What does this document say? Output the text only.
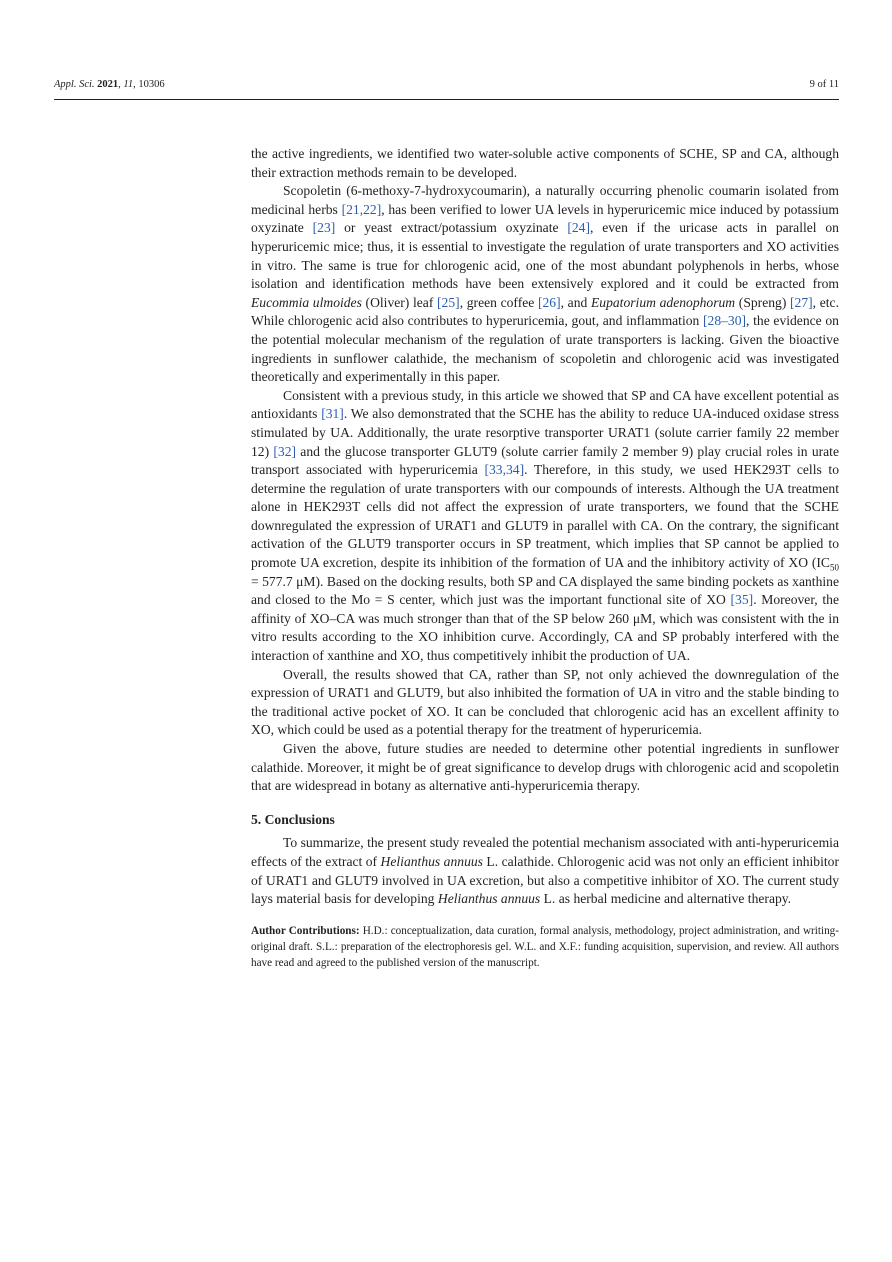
Appl. Sci. 2021, 11, 10306	9 of 11

the active ingredients, we identified two water-soluble active components of SCHE, SP and CA, although their extraction methods remain to be developed.

Scopoletin (6-methoxy-7-hydroxycoumarin), a naturally occurring phenolic coumarin isolated from medicinal herbs [21,22], has been verified to lower UA levels in hyperuricemic mice induced by potassium oxyzinate [23] or yeast extract/potassium oxyzinate [24], even if the uricase acts in parallel on hyperuricemic mice; thus, it is essential to investigate the regulation of urate transporters and XO activities in vitro. The same is true for chlorogenic acid, one of the most abundant polyphenols in herbs, whose isolation and identification methods have been extensively explored and it could be extracted from Eucommia ulmoides (Oliver) leaf [25], green coffee [26], and Eupatorium adenophorum (Spreng) [27], etc. While chlorogenic acid also contributes to hyperuricemia, gout, and inflammation [28–30], the evidence on the potential molecular mechanism of the regulation of urate transporters is lacking. Given the bioactive ingredients in sunflower calathide, the mechanism of scopoletin and chlorogenic acid was investigated theoretically and experimentally in this paper.

Consistent with a previous study, in this article we showed that SP and CA have excellent potential as antioxidants [31]. We also demonstrated that the SCHE has the ability to reduce UA-induced oxidase stress stimulated by UA. Additionally, the urate resorptive transporter URAT1 (solute carrier family 22 member 12) [32] and the glucose transporter GLUT9 (solute carrier family 2 member 9) play crucial roles in urate transport associated with hyperuricemia [33,34]. Therefore, in this study, we used HEK293T cells to determine the regulation of urate transporters with our compounds of interests. Although the UA treatment alone in HEK293T cells did not affect the expression of urate transporters, we found that the SCHE downregulated the expression of URAT1 and GLUT9 in parallel with CA. On the contrary, the significant activation of the GLUT9 transporter occurs in SP treatment, which implies that SP cannot be applied to promote UA excretion, despite its inhibition of the formation of UA and the inhibitory activity of XO ($IC_{50} = 577.7$ μM). Based on the docking results, both SP and CA displayed the same binding pockets as xanthine and closed to the Mo = S center, which just was the important functional site of XO [35]. Moreover, the affinity of XO–CA was much stronger than that of the SP below 260 μM, which was consistent with the in vitro results according to the XO inhibition curve. Accordingly, CA and SP probably interfered with the interaction of xanthine and XO, thus competitively inhibit the production of UA.

Overall, the results showed that CA, rather than SP, not only achieved the downregulation of the expression of URAT1 and GLUT9, but also inhibited the formation of UA in vitro and the stable binding to the traditional active pocket of XO. It can be concluded that chlorogenic acid has an excellent affinity to XO, which could be used as a potential therapy for the treatment of hyperuricemia.

Given the above, future studies are needed to determine other potential ingredients in sunflower calathide. Moreover, it might be of great significance to develop drugs with chlorogenic acid and scopoletin that are widespread in botany as alternative anti-hyperuricemia therapy.

5. Conclusions

To summarize, the present study revealed the potential mechanism associated with anti-hyperuricemia effects of the extract of Helianthus annuus L. calathide. Chlorogenic acid was not only an efficient inhibitor of URAT1 and GLUT9 involved in UA excretion, but also a competitive inhibitor of XO. The current study lays material basis for developing Helianthus annuus L. as herbal medicine and alternative therapy.

Author Contributions: H.D.: conceptualization, data curation, formal analysis, methodology, project administration, and writing-original draft. S.L.: preparation of the electrophoresis gel. W.L. and X.F.: funding acquisition, supervision, and review. All authors have read and agreed to the published version of the manuscript.
